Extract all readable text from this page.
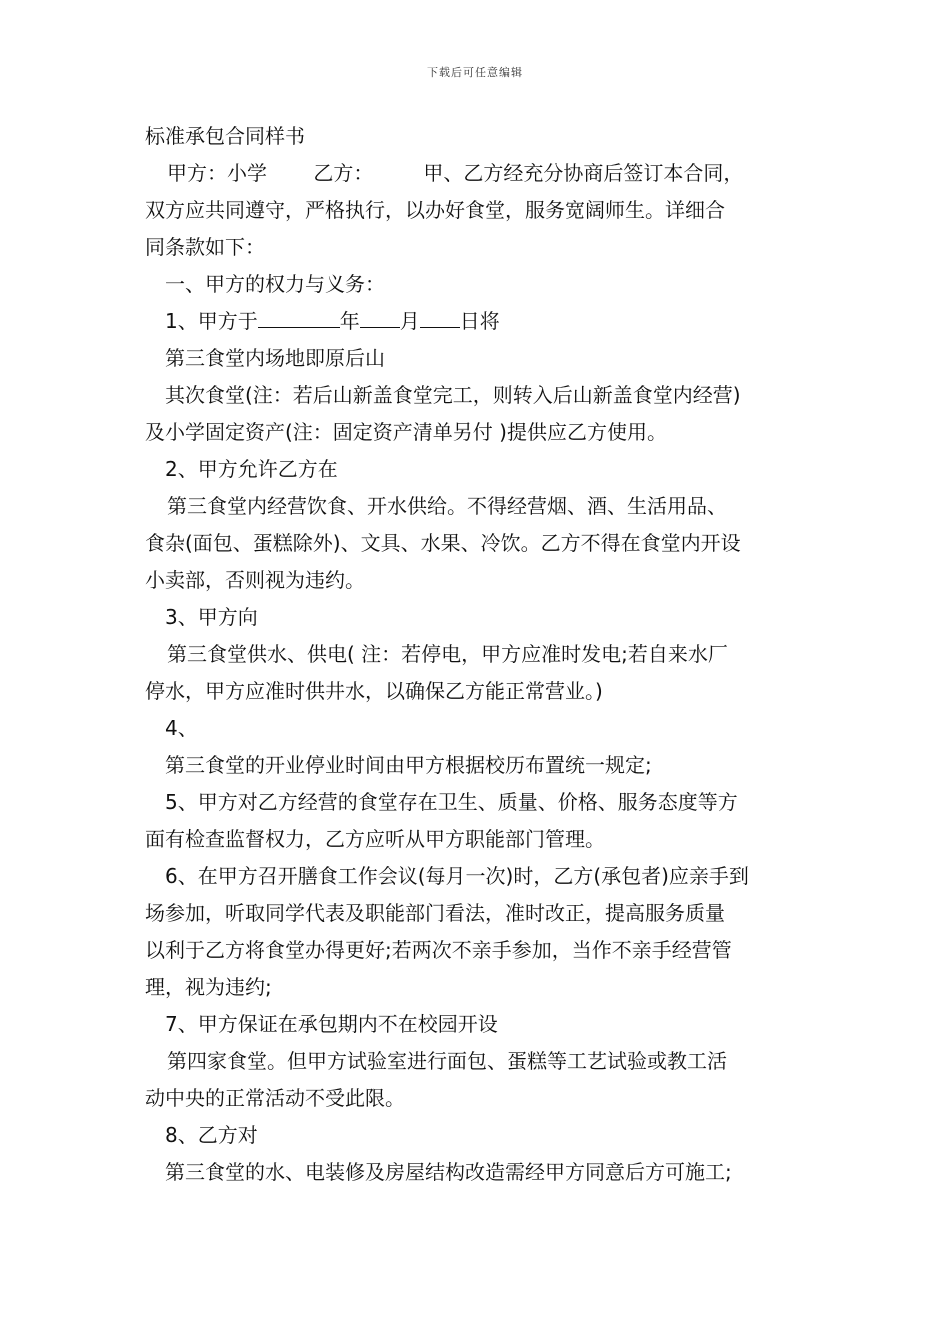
下载后可任意编辑
标准承包合同样书
甲方：小学　　 乙方：　　　甲、乙方经充分协商后签订本合同，
双方应共同遵守，严格执行，以办好食堂，服务宽阔师生。详细合
同条款如下：
一、甲方的权力与义务：
1、甲方于	年 月 日将
第三食堂内场地即原后山
其次食堂(注：若后山新盖食堂完工，则转入后山新盖食堂内经营)
及小学固定资产(注：固定资产清单另付 )提供应乙方使用。
2、甲方允许乙方在
第三食堂内经营饮食、开水供给。不得经营烟、酒、生活用品、
食杂(面包、蛋糕除外)、文具、水果、冷饮。乙方不得在食堂内开设
小卖部，否则视为违约。
3、甲方向
第三食堂供水、供电( 注：若停电，甲方应准时发电;若自来水厂
停水，甲方应准时供井水，以确保乙方能正常营业。)
4、
第三食堂的开业停业时间由甲方根据校历布置统一规定;
5、甲方对乙方经营的食堂存在卫生、质量、价格、服务态度等方
面有检查监督权力，乙方应听从甲方职能部门管理。
6、在甲方召开膳食工作会议(每月一次)时，乙方(承包者)应亲手到
场参加，听取同学代表及职能部门看法，准时改正，提高服务质量
以利于乙方将食堂办得更好;若两次不亲手参加，当作不亲手经营管
理，视为违约;
7、甲方保证在承包期内不在校园开设
第四家食堂。但甲方试验室进行面包、蛋糕等工艺试验或教工活
动中央的正常活动不受此限。
8、乙方对
第三食堂的水、电装修及房屋结构改造需经甲方同意后方可施工;
